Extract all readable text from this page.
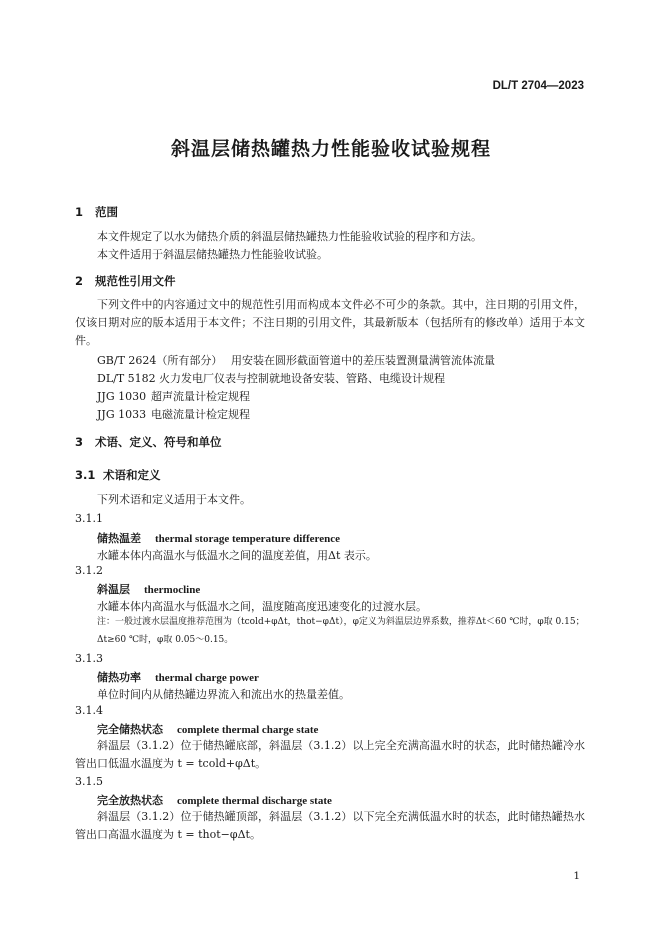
DL/T 2704—2023
斜温层储热罐热力性能验收试验规程
1 范围
本文件规定了以水为储热介质的斜温层储热罐热力性能验收试验的程序和方法。
本文件适用于斜温层储热罐热力性能验收试验。
2 规范性引用文件
下列文件中的内容通过文中的规范性引用而构成本文件必不可少的条款。其中，注日期的引用文件，仅该日期对应的版本适用于本文件；不注日期的引用文件，其最新版本（包括所有的修改单）适用于本文件。
GB/T 2624（所有部分） 用安装在圆形截面管道中的差压装置测量满管流体流量
DL/T 5182 火力发电厂仪表与控制就地设备安装、管路、电缆设计规程
JJG 1030 超声流量计检定规程
JJG 1033 电磁流量计检定规程
3 术语、定义、符号和单位
3.1 术语和定义
下列术语和定义适用于本文件。
3.1.1
储热温差 thermal storage temperature difference
水罐本体内高温水与低温水之间的温度差值，用Δt 表示。
3.1.2
斜温层 thermocline
水罐本体内高温水与低温水之间，温度随高度迅速变化的过渡水层。
注：一般过渡水层温度推荐范围为（tcold+φΔt，thot−φΔt），φ定义为斜温层边界系数，推荐Δt＜60 ℃时，φ取 0.15；Δt≥60 ℃时，φ取 0.05～0.15。
3.1.3
储热功率 thermal charge power
单位时间内从储热罐边界流入和流出水的热量差值。
3.1.4
完全储热状态 complete thermal charge state
斜温层（3.1.2）位于储热罐底部，斜温层（3.1.2）以上完全充满高温水时的状态，此时储热罐冷水管出口低温水温度为 t = tcold+φΔt。
3.1.5
完全放热状态 complete thermal discharge state
斜温层（3.1.2）位于储热罐顶部，斜温层（3.1.2）以下完全充满低温水时的状态，此时储热罐热水管出口高温水温度为 t = thot−φΔt。
1
